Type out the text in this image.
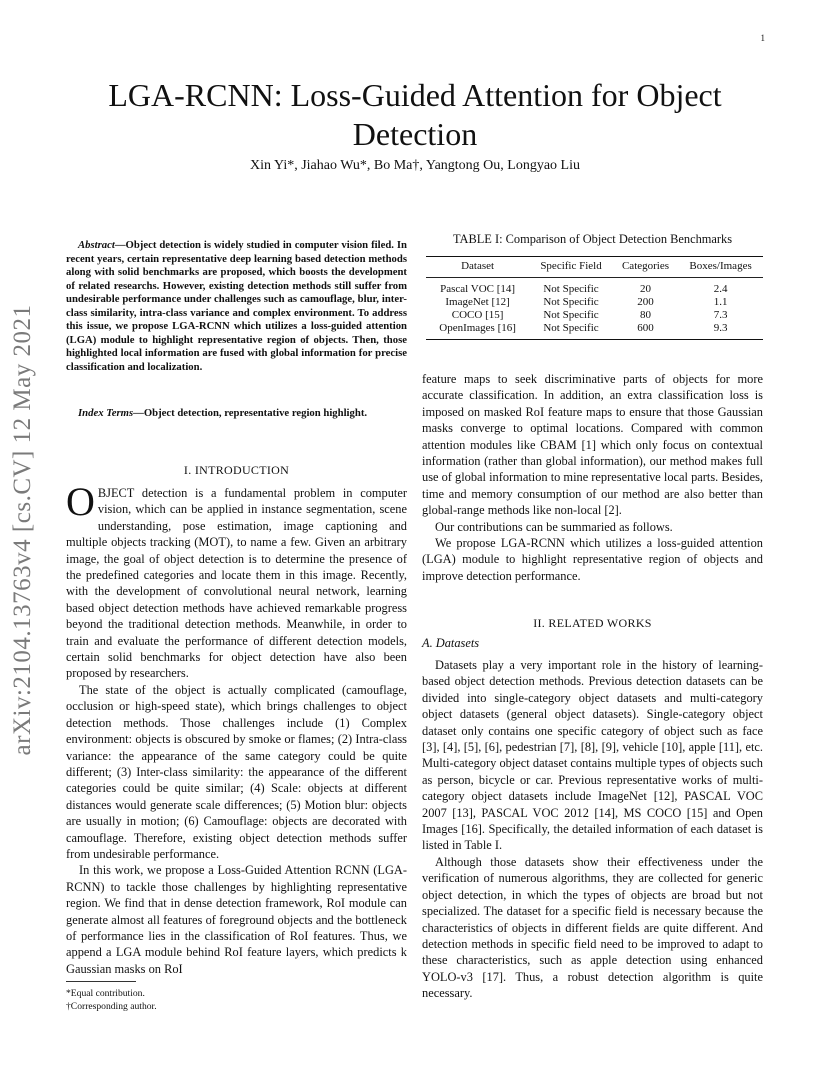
1
arXiv:2104.13763v4 [cs.CV] 12 May 2021
LGA-RCNN: Loss-Guided Attention for Object Detection
Xin Yi*, Jiahao Wu*, Bo Ma†, Yangtong Ou, Longyao Liu
Abstract—Object detection is widely studied in computer vision filed. In recent years, certain representative deep learning based detection methods along with solid benchmarks are proposed, which boosts the development of related researchs. However, existing detection methods still suffer from undesirable performance under challenges such as camouflage, blur, inter-class similarity, intra-class variance and complex environment. To address this issue, we propose LGA-RCNN which utilizes a loss-guided attention (LGA) module to highlight representative region of objects. Then, those highlighted local information are fused with global information for precise classification and localization.
Index Terms—Object detection, representative region highlight.
I. INTRODUCTION

OBJECT detection is a fundamental problem in computer vision, which can be applied in instance segmentation, scene understanding, pose estimation, image captioning and multiple objects tracking (MOT), to name a few. Given an arbitrary image, the goal of object detection is to determine the presence of the predefined categories and locate them in this image. Recently, with the development of convolutional neural network, learning based object detection methods have achieved remarkable progress beyond the traditional detection methods. Meanwhile, in order to train and evaluate the performance of different detection models, certain solid benchmarks for object detection have also been proposed by researchers.

The state of the object is actually complicated (camouflage, occlusion or high-speed state), which brings challenges to object detection methods. Those challenges include (1) Complex environment: objects is obscured by smoke or flames; (2) Intra-class variance: the appearance of the same category could be quite different; (3) Inter-class similarity: the appearance of the different categories could be quite similar; (4) Scale: objects at different distances would generate scale differences; (5) Motion blur: objects are usually in motion; (6) Camouflage: objects are decorated with camouflage. Therefore, existing object detection methods suffer from undesirable performance.

In this work, we propose a Loss-Guided Attention RCNN (LGA-RCNN) to tackle those challenges by highlighting representative region. We find that in dense detection framework, RoI module can generate almost all features of foreground objects and the bottleneck of performance lies in the classification of RoI features. Thus, we append a LGA module behind RoI feature layers, which predicts k Gaussian masks on RoI

*Equal contribution.
†Corresponding author.
TABLE I: Comparison of Object Detection Benchmarks
Dataset	Specific Field	Categories	Boxes/Images
Pascal VOC [14]	Not Specific	20	2.4
ImageNet [12]	Not Specific	200	1.1
COCO [15]	Not Specific	80	7.3
OpenImages [16]	Not Specific	600	9.3

feature maps to seek discriminative parts of objects for more accurate classification. In addition, an extra classification loss is imposed on masked RoI feature maps to ensure that those Gaussian masks converge to optimal locations. Compared with common attention modules like CBAM [1] which only focus on contextual information (rather than global information), our method makes full use of global information to mine representative local parts. Besides, time and memory consumption of our method are also better than global-range methods like non-local [2].

Our contributions can be summaried as follows.

We propose LGA-RCNN which utilizes a loss-guided attention (LGA) module to highlight representative region of objects and improve detection performance.

II. RELATED WORKS
A. Datasets

Datasets play a very important role in the history of learning-based object detection methods. Previous detection datasets can be divided into single-category object datasets and multi-category object datasets (general object datasets). Single-category object dataset only contains one specific category of object such as face [3], [4], [5], [6], pedestrian [7], [8], [9], vehicle [10], apple [11], etc. Multi-category object dataset contains multiple types of objects such as person, bicycle or car. Previous representative works of multi-category object datasets include ImageNet [12], PASCAL VOC 2007 [13], PASCAL VOC 2012 [14], MS COCO [15] and Open Images [16]. Specifically, the detailed information of each dataset is listed in Table I.

Although those datasets show their effectiveness under the verification of numerous algorithms, they are collected for generic object detection, in which the types of objects are broad but not specialized. The dataset for a specific field is necessary because the characteristics of objects in different fields are quite different. And detection methods in specific field need to be improved to adapt to these characteristics, such as apple detection using enhanced YOLO-v3 [17]. Thus, a robust detection algorithm is quite necessary.
